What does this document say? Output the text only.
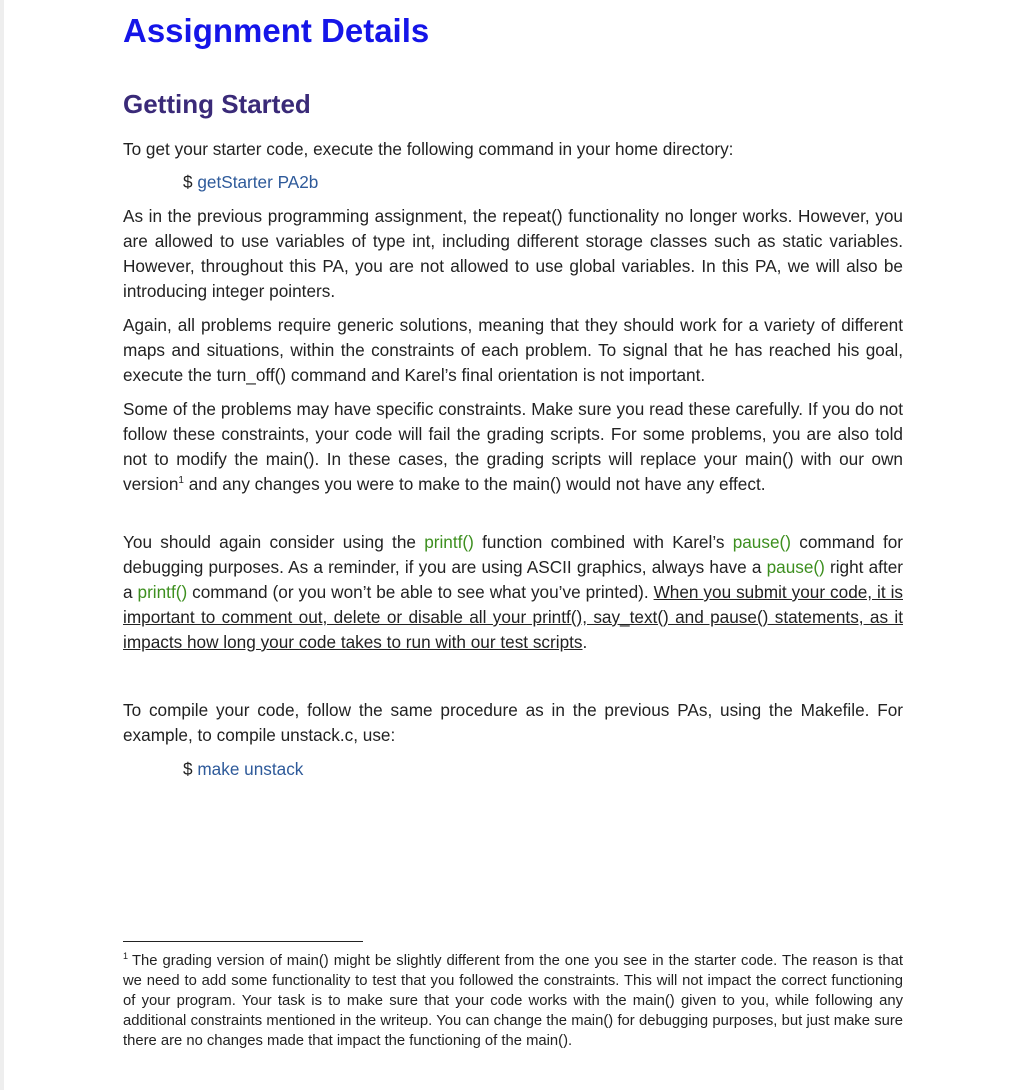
Assignment Details
Getting Started

To get your starter code, execute the following command in your home directory:

$ getStarter PA2b

As in the previous programming assignment, the repeat() functionality no longer works. However, you are allowed to use variables of type int, including different storage classes such as static variables. However, throughout this PA, you are not allowed to use global variables. In this PA, we will also be introducing integer pointers.

Again, all problems require generic solutions, meaning that they should work for a variety of different maps and situations, within the constraints of each problem. To signal that he has reached his goal, execute the turn_off() command and Karel’s final orientation is not important.

Some of the problems may have specific constraints. Make sure you read these carefully. If you do not follow these constraints, your code will fail the grading scripts. For some problems, you are also told not to modify the main(). In these cases, the grading scripts will replace your main() with our own version$^1$ and any changes you were to make to the main() would not have any effect.

You should again consider using the printf() function combined with Karel’s pause() command for debugging purposes. As a reminder, if you are using ASCII graphics, always have a pause() right after a printf() command (or you won’t be able to see what you’ve printed). When you submit your code, it is important to comment out, delete or disable all your printf(), say_text() and pause() statements, as it impacts how long your code takes to run with our test scripts.

To compile your code, follow the same procedure as in the previous PAs, using the Makefile. For example, to compile unstack.c, use:

$ make unstack

$^1$ The grading version of main() might be slightly different from the one you see in the starter code. The reason is that we need to add some functionality to test that you followed the constraints. This will not impact the correct functioning of your program. Your task is to make sure that your code works with the main() given to you, while following any additional constraints mentioned in the writeup. You can change the main() for debugging purposes, but just make sure there are no changes made that impact the functioning of the main().
